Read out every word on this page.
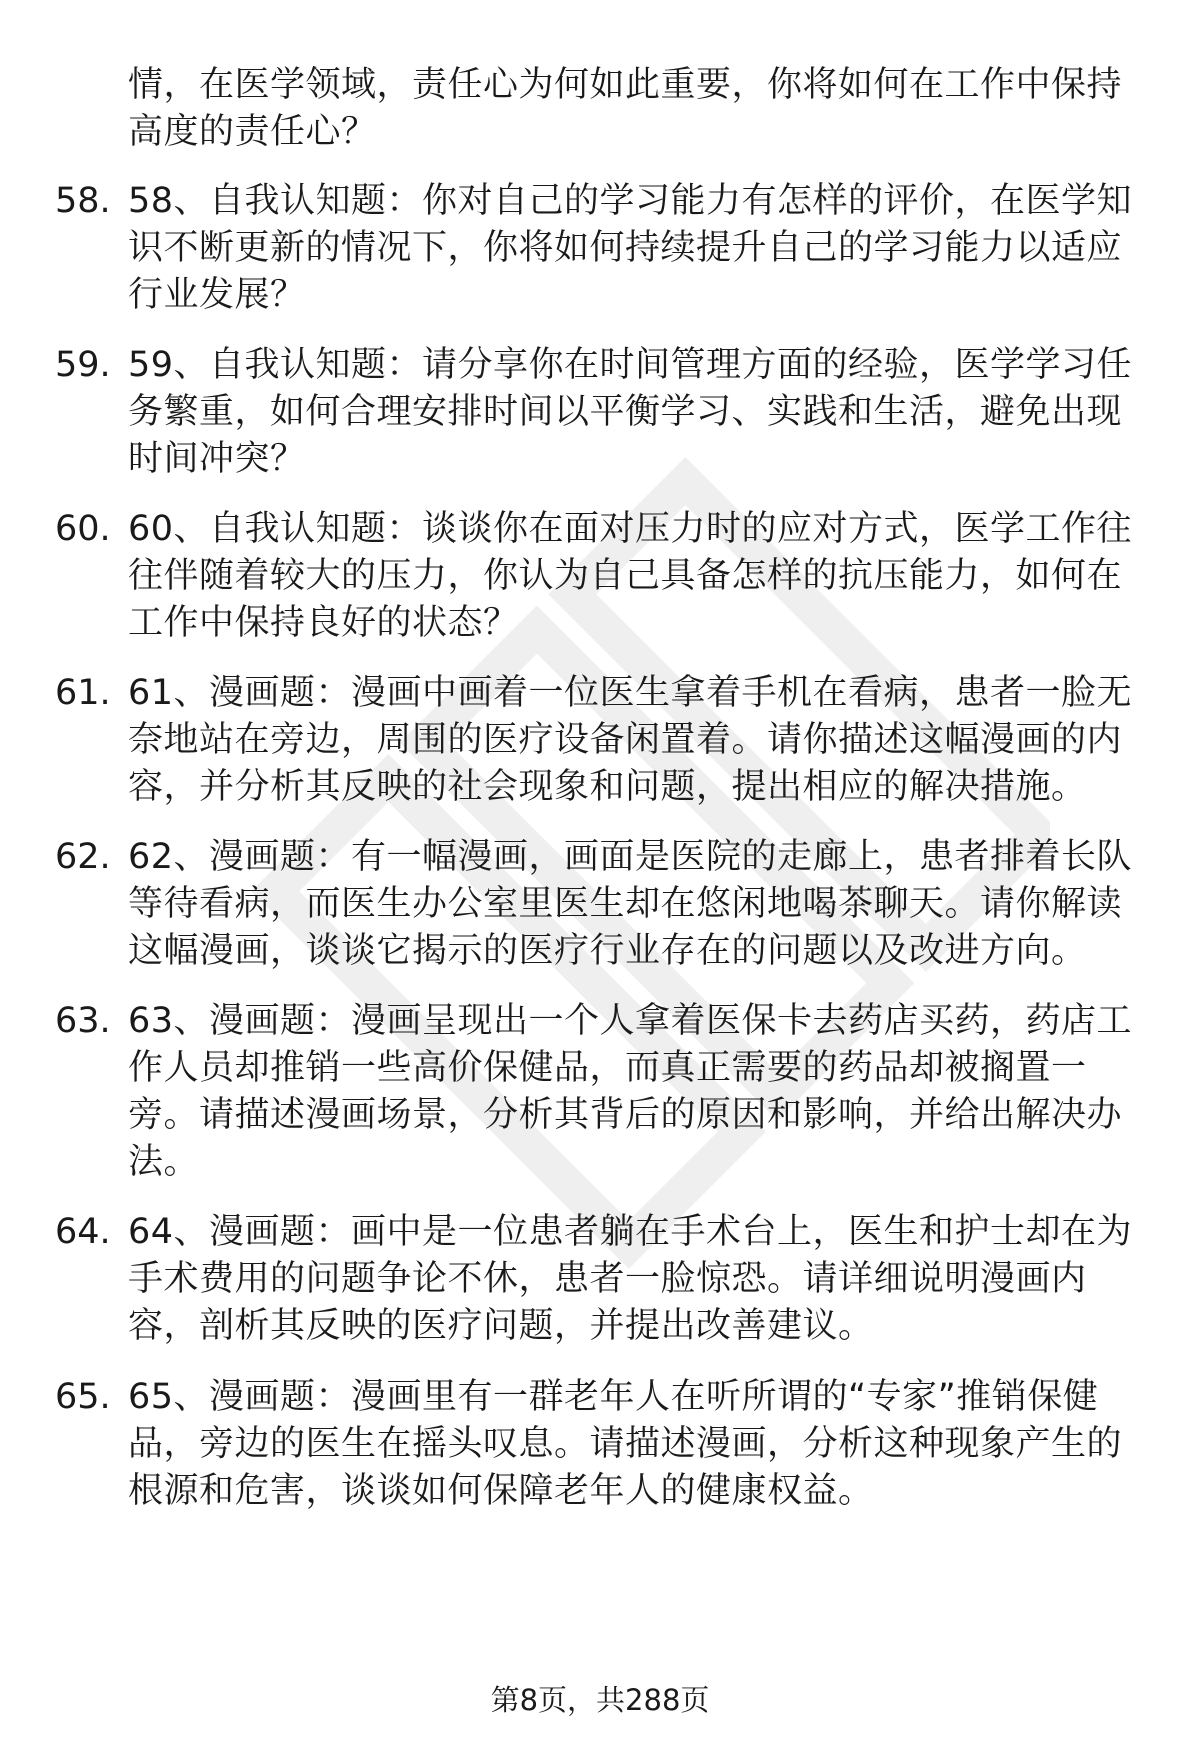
情，在医学领域，责任心为何如此重要，你将如何在工作中保持高度的责任心？
58. 58、自我认知题：你对自己的学习能力有怎样的评价，在医学知识不断更新的情况下，你将如何持续提升自己的学习能力以适应行业发展？
59. 59、自我认知题：请分享你在时间管理方面的经验，医学学习任务繁重，如何合理安排时间以平衡学习、实践和生活，避免出现时间冲突？
60. 60、自我认知题：谈谈你在面对压力时的应对方式，医学工作往往伴随着较大的压力，你认为自己具备怎样的抗压能力，如何在工作中保持良好的状态？
61. 61、漫画题：漫画中画着一位医生拿着手机在看病，患者一脸无奈地站在旁边，周围的医疗设备闲置着。请你描述这幅漫画的内容，并分析其反映的社会现象和问题，提出相应的解决措施。
62. 62、漫画题：有一幅漫画，画面是医院的走廊上，患者排着长队等待看病，而医生办公室里医生却在悠闲地喝茶聊天。请你解读这幅漫画，谈谈它揭示的医疗行业存在的问题以及改进方向。
63. 63、漫画题：漫画呈现出一个人拿着医保卡去药店买药，药店工作人员却推销一些高价保健品，而真正需要的药品却被搁置一旁。请描述漫画场景，分析其背后的原因和影响，并给出解决办法。
64. 64、漫画题：画中是一位患者躺在手术台上，医生和护士却在为手术费用的问题争论不休，患者一脸惊恐。请详细说明漫画内容，剖析其反映的医疗问题，并提出改善建议。
65. 65、漫画题：漫画里有一群老年人在听所谓的“专家”推销保健品，旁边的医生在摇头叹息。请描述漫画，分析这种现象产生的根源和危害，谈谈如何保障老年人的健康权益。
第8页，共288页
